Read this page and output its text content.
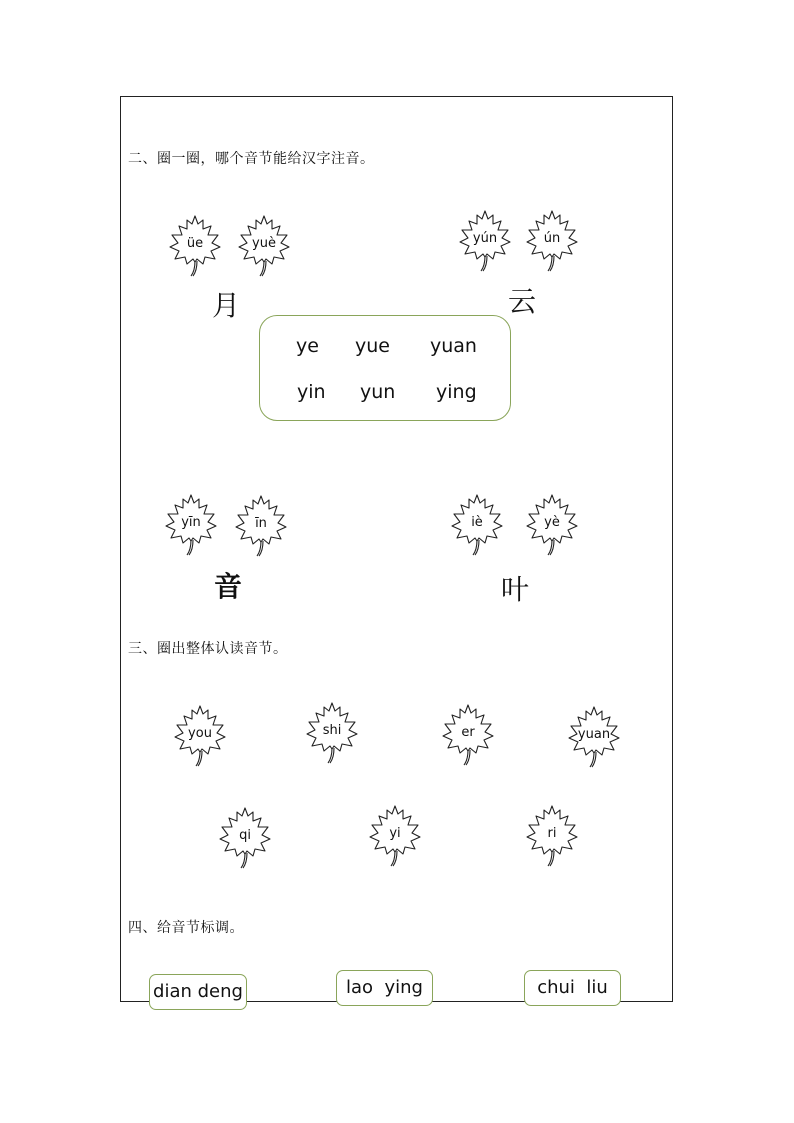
二、圈一圈，哪个音节能给汉字注音。
üe	yuè
月
yún	ún
云
ye yue yuan
yin yun ying
yīn	īn
音
iè	yè
叶
三、圈出整体认读音节。
you	shi	er	yuan
qi	yi	ri
四、给音节标调。
dian deng	lao  ying	chui  liu
